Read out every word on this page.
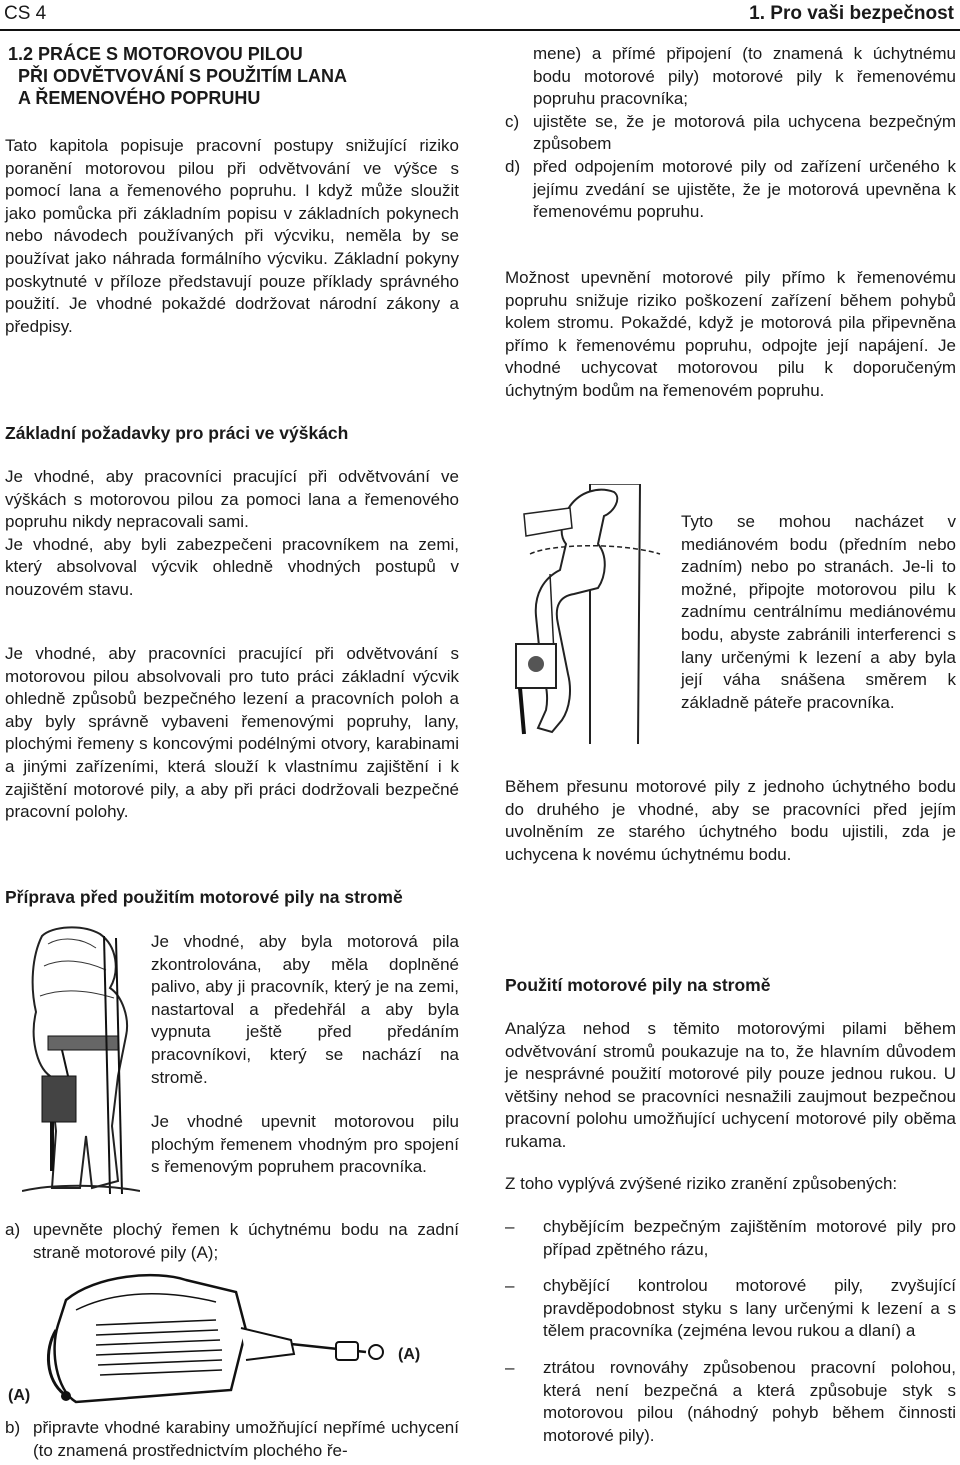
CS 4	1. Pro vaši bezpečnost
1.2 PRÁCE S MOTOROVOU PILOU
PŘI ODVĚTVOVÁNÍ S POUŽITÍM LANA
A ŘEMENOVÉHO POPRUHU

Tato kapitola popisuje pracovní postupy snižující riziko poranění motorovou pilou při odvětvování ve výšce s pomocí lana a řemenového popruhu. I když může sloužit jako pomůcka při základním popisu v základních pokynech nebo návodech používaných při výcviku, neměla by se používat jako náhrada formálního výcviku. Základní pokyny poskytnuté v příloze představují pouze příklady správného použití. Je vhodné pokaždé dodržovat národní zákony a předpisy.

Základní požadavky pro práci ve výškách

Je vhodné, aby pracovníci pracující při odvětvování ve výškách s motorovou pilou za pomoci lana a řemenového popruhu nikdy nepracovali sami.

Je vhodné, aby byli zabezpečeni pracovníkem na zemi, který absolvoval výcvik ohledně vhodných postupů v nouzovém stavu.

Je vhodné, aby pracovníci pracující při odvětvování s motorovou pilou absolvovali pro tuto práci základní výcvik ohledně způsobů bezpečného lezení a pracovních poloh a aby byly správně vybaveni řemenovými popruhy, lany, plochými řemeny s koncovými podélnými otvory, karabinami a jinými zařízeními, která slouží k vlastnímu zajištění i k zajištění motorové pily, a aby při práci dodržovali bezpečné pracovní polohy.

Příprava před použitím motorové pily na stromě

Je vhodné, aby byla motorová pila zkontrolována, aby měla doplněné palivo, aby ji pracovník, který je na zemi, nastartoval a předehřál a aby byla vypnuta ještě před předáním pracovníkovi, který se nachází na stromě.

Je vhodné upevnit motorovou pilu plochým řemenem vhodným pro spojení s řemenovým popruhem pracovníka.

a) upevněte plochý řemen k úchytnému bodu na zadní straně motorové pily (A);
(A)
(A)
b) připravte vhodné karabiny umožňující nepřímé uchycení (to znamená prostřednictvím plochého ře-

mene) a přímé připojení (to znamená k úchytnému bodu motorové pily) motorové pily k řemenovému popruhu pracovníka;

c) ujistěte se, že je motorová pila uchycena bezpečným způsobem
d) před odpojením motorové pily od zařízení určeného k jejímu zvedání se ujistěte, že je motorová upevněna k řemenovému popruhu.

Možnost upevnění motorové pily přímo k řemenovému popruhu snižuje riziko poškození zařízení během pohybů kolem stromu. Pokaždé, když je motorová pila připevněna přímo k řemenovému popruhu, odpojte její napájení. Je vhodné uchycovat motorovou pilu k doporučeným úchytným bodům na řemenovém popruhu.

Tyto se mohou nacházet v mediánovém bodu (předním nebo zadním) nebo po stranách. Je-li to možné, připojte motorovou pilu k zadnímu centrálnímu mediánovému bodu, abyste zabránili interferenci s lany určenými k lezení a aby byla její váha snášena směrem k základně páteře pracovníka.

Během přesunu motorové pily z jednoho úchytného bodu do druhého je vhodné, aby se pracovníci před jejím uvolněním ze starého úchytného bodu ujistili, zda je uchycena k novému úchytnému bodu.

Použití motorové pily na stromě

Analýza nehod s těmito motorovými pilami během odvětvování stromů poukazuje na to, že hlavním důvodem je nesprávné použití motorové pily pouze jednou rukou. U většiny nehod se pracovníci nesnažili zaujmout bezpečnou pracovní polohu umožňující uchycení motorové pily oběma rukama.

Z toho vyplývá zvýšené riziko zranění způsobených:

– chybějícím bezpečným zajištěním motorové pily pro případ zpětného rázu,
– chybějící kontrolou motorové pily, zvyšující pravděpodobnost styku s lany určenými k lezení a s tělem pracovníka (zejména levou rukou a dlaní) a
– ztrátou rovnováhy způsobenou pracovní polohou, která není bezpečná a která způsobuje styk s motorovou pilou (náhodný pohyb během činnosti motorové pily).
